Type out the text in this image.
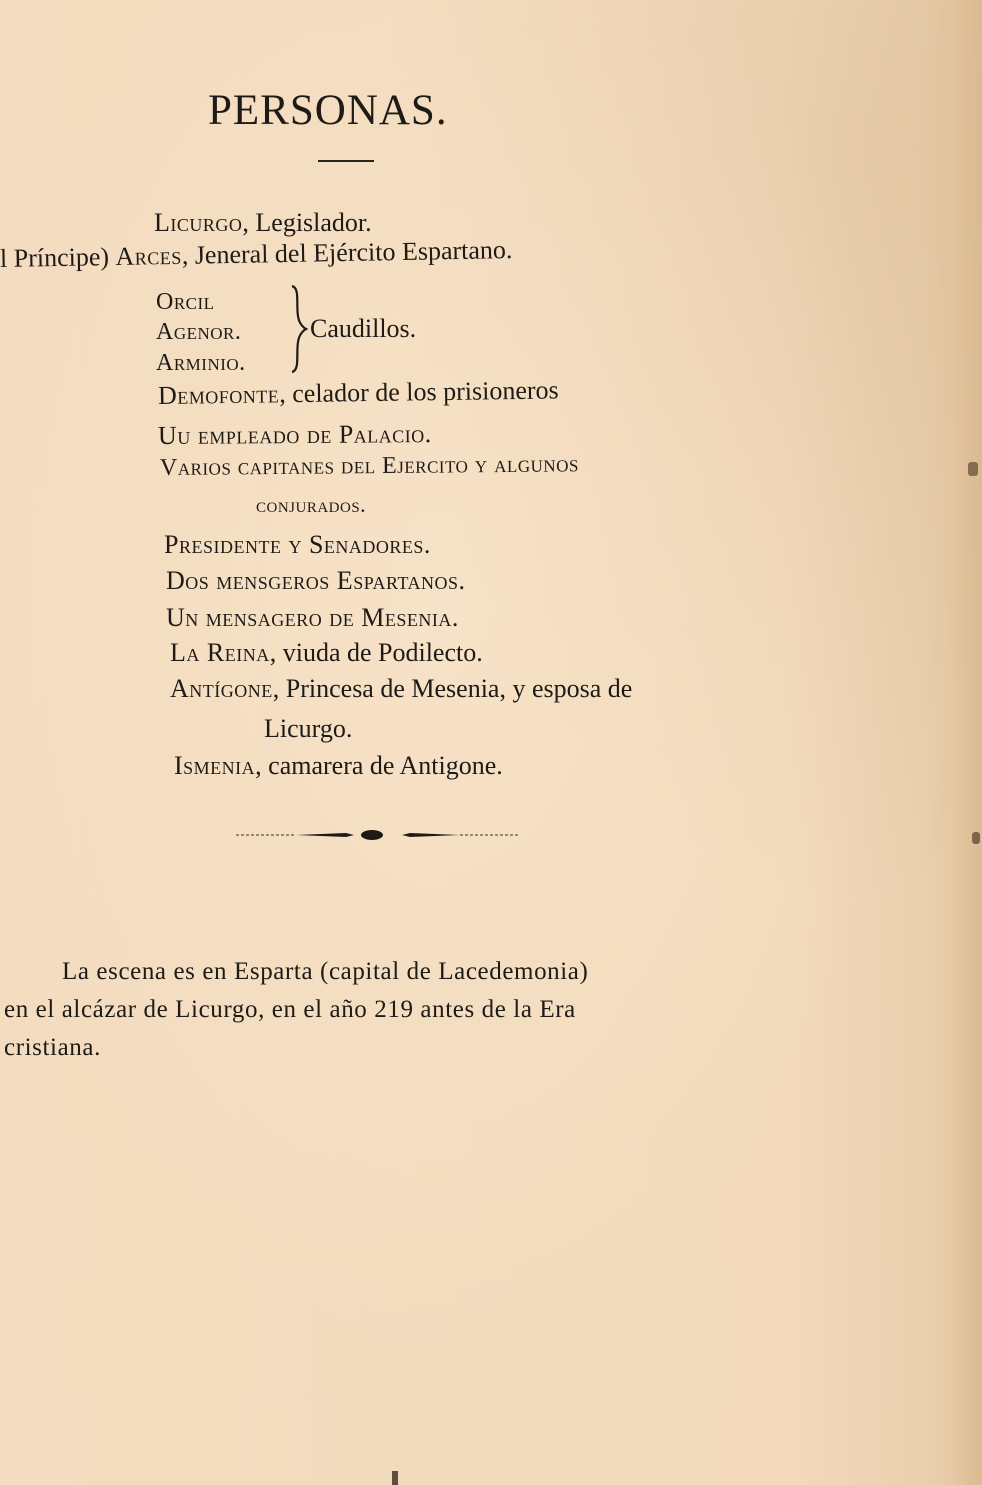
PERSONAS.
Licurgo, Legislador.
l Príncipe) Arces, Jeneral del Ejército Espartano.
Orcil
Agenor.
Arminio.
Caudillos.
Demofonte, celador de los prisioneros
Uu empleado de Palacio.
Varios capitanes del Ejercito y algunos
conjurados.
Presidente y Senadores.
Dos mensgeros Espartanos.
Un mensagero de Mesenia.
La Reina, viuda de Podilecto.
Antígone, Princesa de Mesenia, y esposa de
Licurgo.
Ismenia, camarera de Antigone.
La escena es en Esparta (capital de Lacedemonia)
en el alcázar de Licurgo, en el año 219 antes de la Era
cristiana.
